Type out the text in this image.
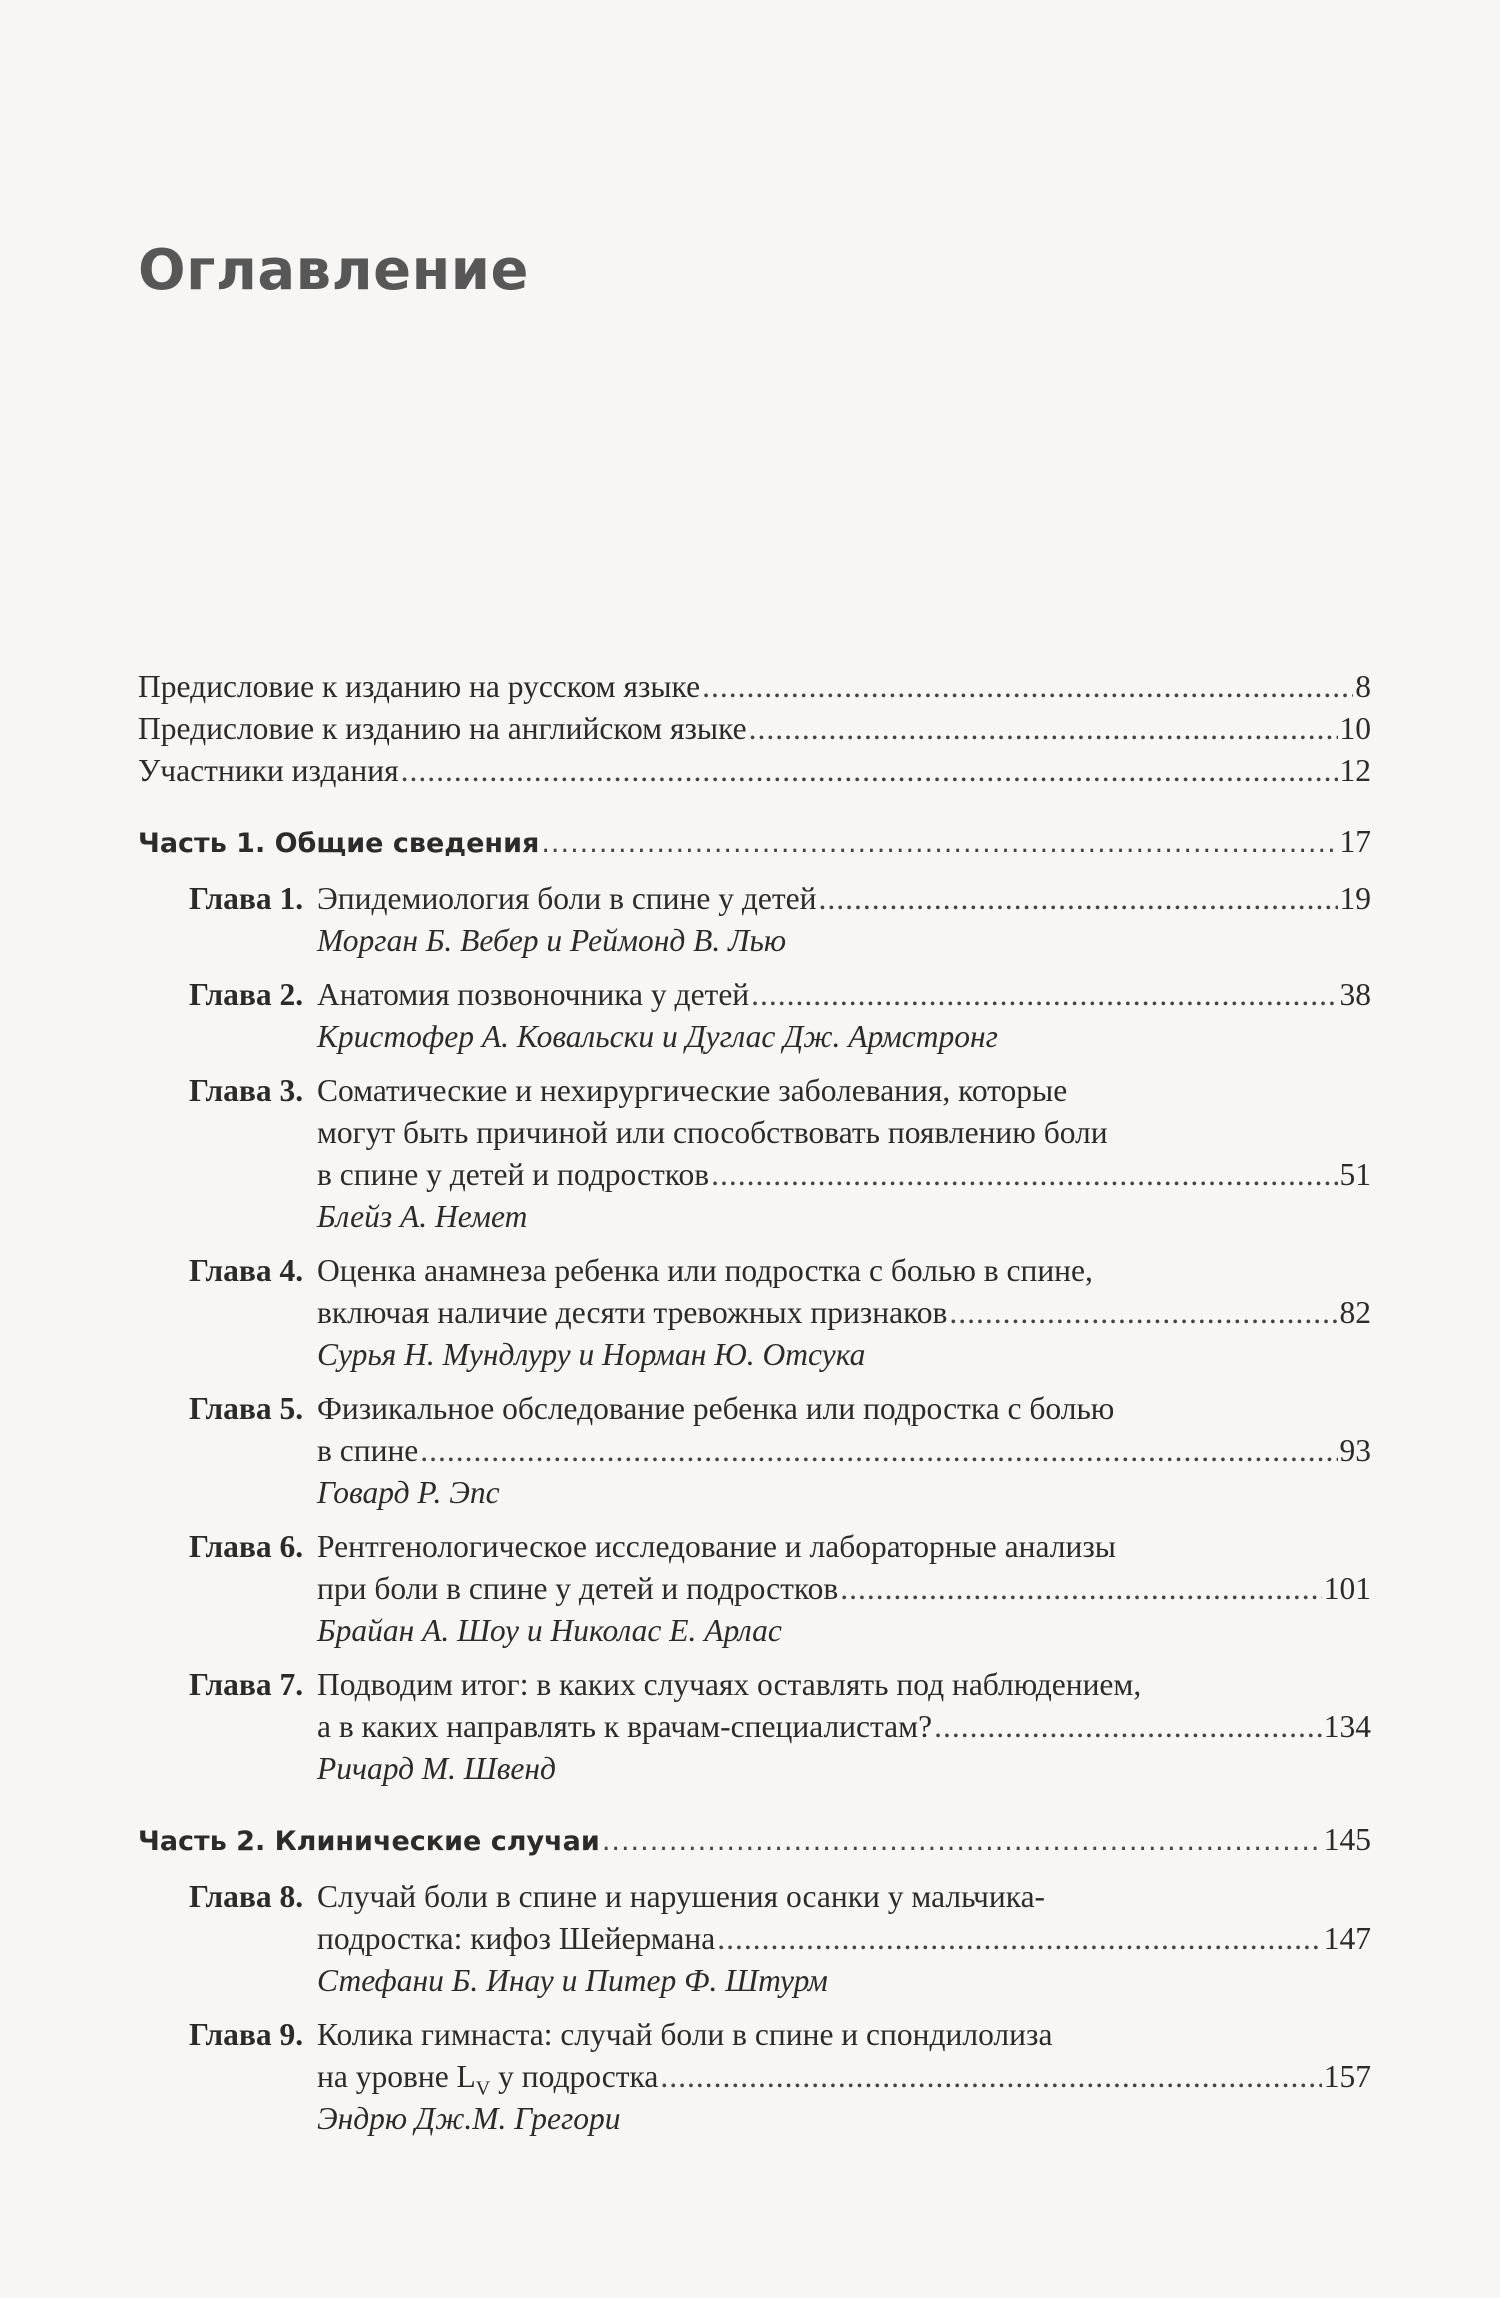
Оглавление
Предисловие к изданию на русском языке .....	8
Предисловие к изданию на английском языке .....	10
Участники издания .....	12
Часть 1. Общие сведения .....	17
Глава 1. Эпидемиология боли в спине у детей .....	19
Морган Б. Вебер и Реймонд В. Лью
Глава 2. Анатомия позвоночника у детей .....	38
Кристофер А. Ковальски и Дуглас Дж. Армстронг
Глава 3. Соматические и нехирургические заболевания, которые
могут быть причиной или способствовать появлению боли
в спине у детей и подростков .....	51
Блейз А. Немет
Глава 4. Оценка анамнеза ребенка или подростка с болью в спине,
включая наличие десяти тревожных признаков .....	82
Сурья Н. Мундлуру и Норман Ю. Отсука
Глава 5. Физикальное обследование ребенка или подростка с болью
в спине .....	93
Говард Р. Эпс
Глава 6. Рентгенологическое исследование и лабораторные анализы
при боли в спине у детей и подростков .....	101
Брайан А. Шоу и Николас Е. Арлас
Глава 7. Подводим итог: в каких случаях оставлять под наблюдением,
а в каких направлять к врачам-специалистам? .....	134
Ричард М. Швенд
Часть 2. Клинические случаи .....	145
Глава 8. Случай боли в спине и нарушения осанки у мальчика-
подростка: кифоз Шейермана .....	147
Стефани Б. Инау и Питер Ф. Штурм
Глава 9. Колика гимнаста: случай боли в спине и спондилолиза
на уровне $L_V$ у подростка .....	157
Эндрю Дж.М. Грегори
